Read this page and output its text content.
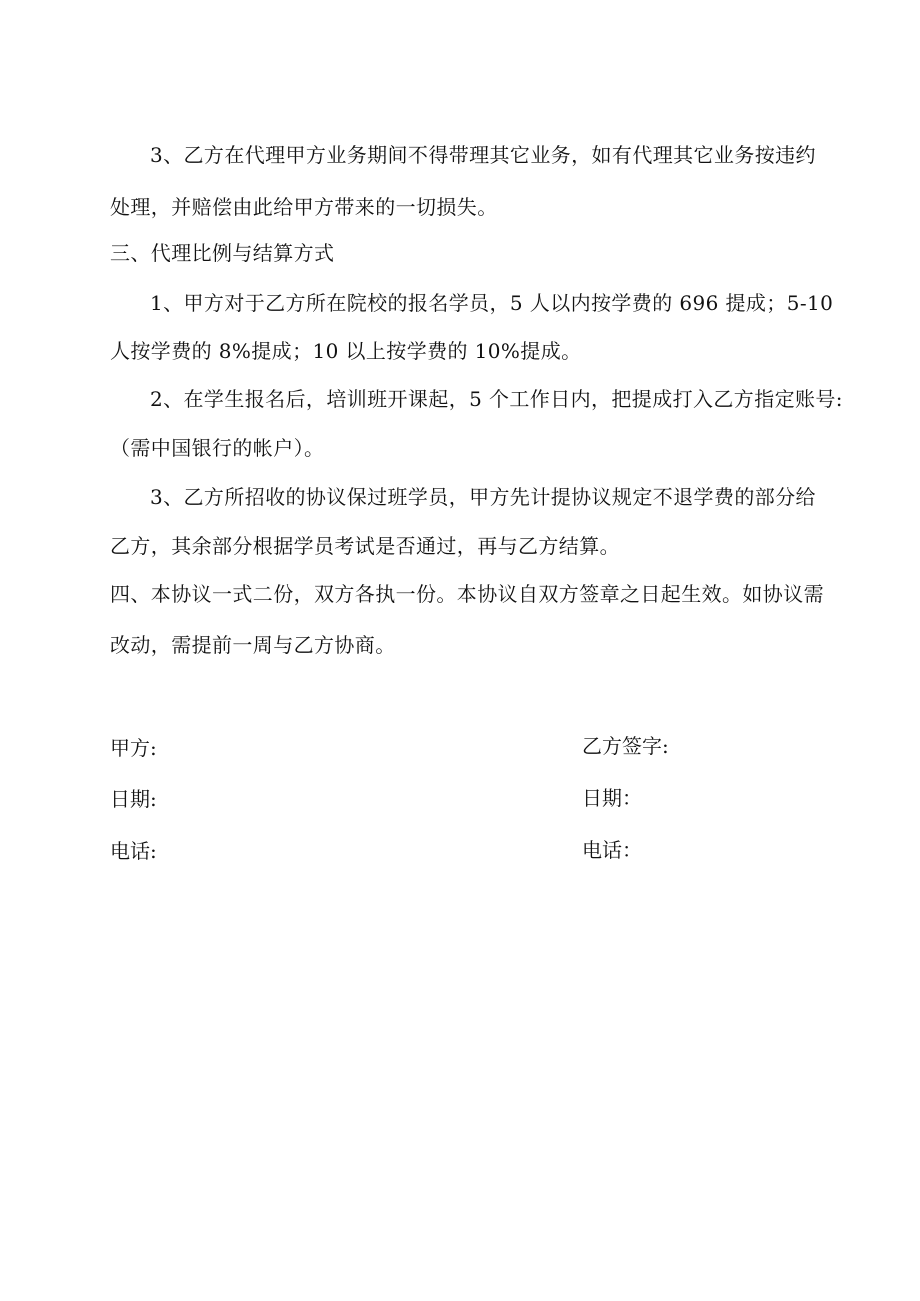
3、乙方在代理甲方业务期间不得带理其它业务，如有代理其它业务按违约
处理，并赔偿由此给甲方带来的一切损失。
三、代理比例与结算方式
1、甲方对于乙方所在院校的报名学员，5 人以内按学费的 696 提成；5-10
人按学费的 8%提成；10 以上按学费的 10%提成。
2、在学生报名后，培训班开课起，5 个工作日内，把提成打入乙方指定账号:
（需中国银行的帐户）。
3、乙方所招收的协议保过班学员，甲方先计提协议规定不退学费的部分给
乙方，其余部分根据学员考试是否通过，再与乙方结算。
四、本协议一式二份，双方各执一份。本协议自双方签章之日起生效。如协议需
改动，需提前一周与乙方协商。
甲方:
日期:
电话:
乙方签字:
日期：
电话：
